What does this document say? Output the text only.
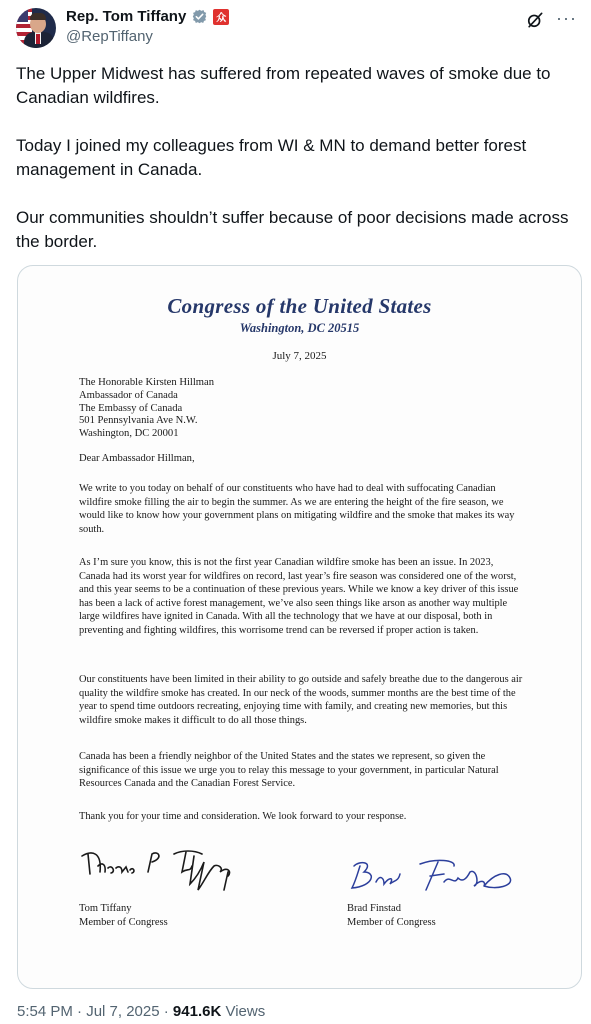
Rep. Tom Tiffany	众
@RepTiffany
···

The Upper Midwest has suffered from repeated waves of smoke due to Canadian wildfires.

Today I joined my colleagues from WI & MN to demand better forest management in Canada.

Our communities shouldn’t suffer because of poor decisions made across the border.

Congress of the United States
Washington, DC 20515
July 7, 2025
The Honorable Kirsten Hillman
Ambassador of Canada
The Embassy of Canada
501 Pennsylvania Ave N.W.
Washington, DC 20001
Dear Ambassador Hillman,
We write to you today on behalf of our constituents who have had to deal with suffocating Canadian wildfire smoke filling the air to begin the summer. As we are entering the height of the fire season, we would like to know how your government plans on mitigating wildfire and the smoke that makes its way south.
As I’m sure you know, this is not the first year Canadian wildfire smoke has been an issue. In 2023, Canada had its worst year for wildfires on record, last year’s fire season was considered one of the worst, and this year seems to be a continuation of these previous years. While we know a key driver of this issue has been a lack of active forest management, we’ve also seen things like arson as another way multiple large wildfires have ignited in Canada. With all the technology that we have at our disposal, both in preventing and fighting wildfires, this worrisome trend can be reversed if proper action is taken.
Our constituents have been limited in their ability to go outside and safely breathe due to the dangerous air quality the wildfire smoke has created. In our neck of the woods, summer months are the best time of the year to spend time outdoors recreating, enjoying time with family, and creating new memories, but this wildfire smoke makes it difficult to do all those things.
Canada has been a friendly neighbor of the United States and the states we represent, so given the significance of this issue we urge you to relay this message to your government, in particular Natural Resources Canada and the Canadian Forest Service.
Thank you for your time and consideration. We look forward to your response.
Tom Tiffany
Member of Congress
Brad Finstad
Member of Congress
5:54 PM · Jul 7, 2025 · 941.6K Views
